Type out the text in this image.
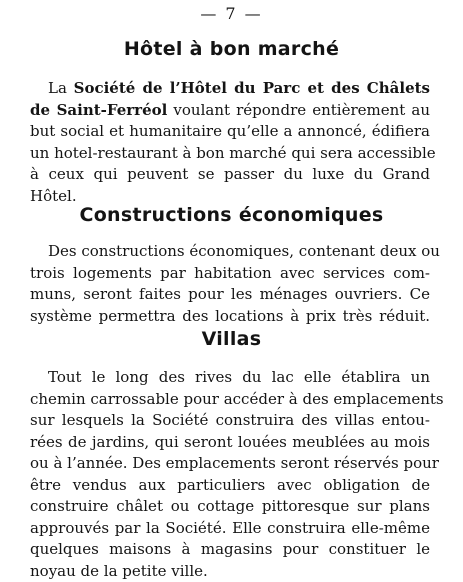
— 7 —
Hôtel à bon marché
La Société de l’Hôtel du Parc et des Châlets
de Saint-Ferréol voulant répondre entièrement au
but social et humanitaire qu’elle a annoncé, édifiera
un hotel-restaurant à bon marché qui sera accessible
à ceux qui peuvent se passer du luxe du Grand
Hôtel.
Constructions économiques
Des constructions économiques, contenant deux ou
trois logements par habitation avec services com-
muns, seront faites pour les ménages ouvriers. Ce
système permettra des locations à prix très réduit.
Villas
Tout le long des rives du lac elle établira un
chemin carrossable pour accéder à des emplacements
sur lesquels la Société construira des villas entou-
rées de jardins, qui seront louées meublées au mois
ou à l’année. Des emplacements seront réservés pour
être vendus aux particuliers avec obligation de
construire châlet ou cottage pittoresque sur plans
approuvés par la Société. Elle construira elle-même
quelques maisons à magasins pour constituer le
noyau de la petite ville.
